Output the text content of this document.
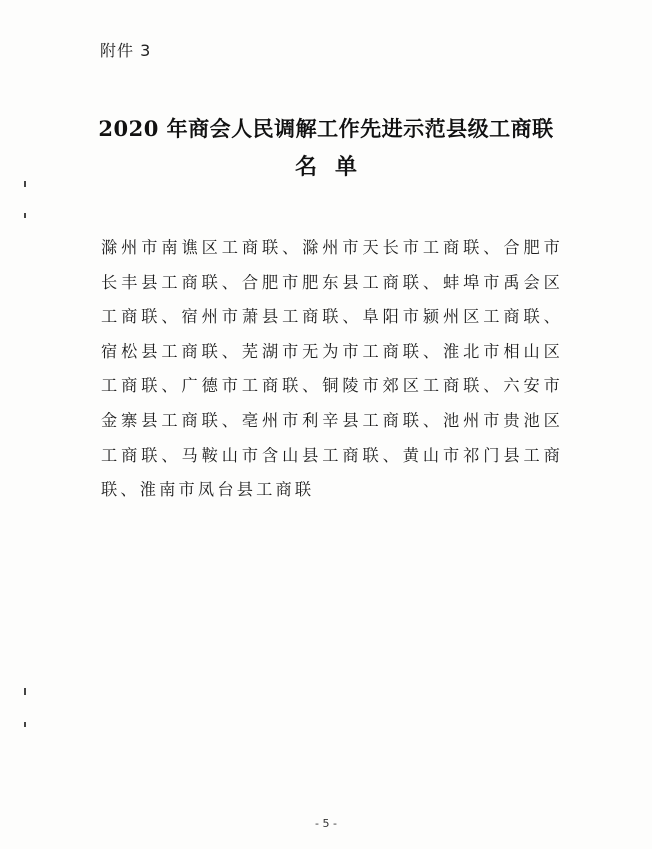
附件 3
2020 年商会人民调解工作先进示范县级工商联
名单
滁州市南谯区工商联、滁州市天长市工商联、合肥市长丰县工商联、合肥市肥东县工商联、蚌埠市禹会区工商联、宿州市萧县工商联、阜阳市颍州区工商联、宿松县工商联、芜湖市无为市工商联、淮北市相山区工商联、广德市工商联、铜陵市郊区工商联、六安市金寨县工商联、亳州市利辛县工商联、池州市贵池区工商联、马鞍山市含山县工商联、黄山市祁门县工商联、淮南市凤台县工商联
- 5 -
